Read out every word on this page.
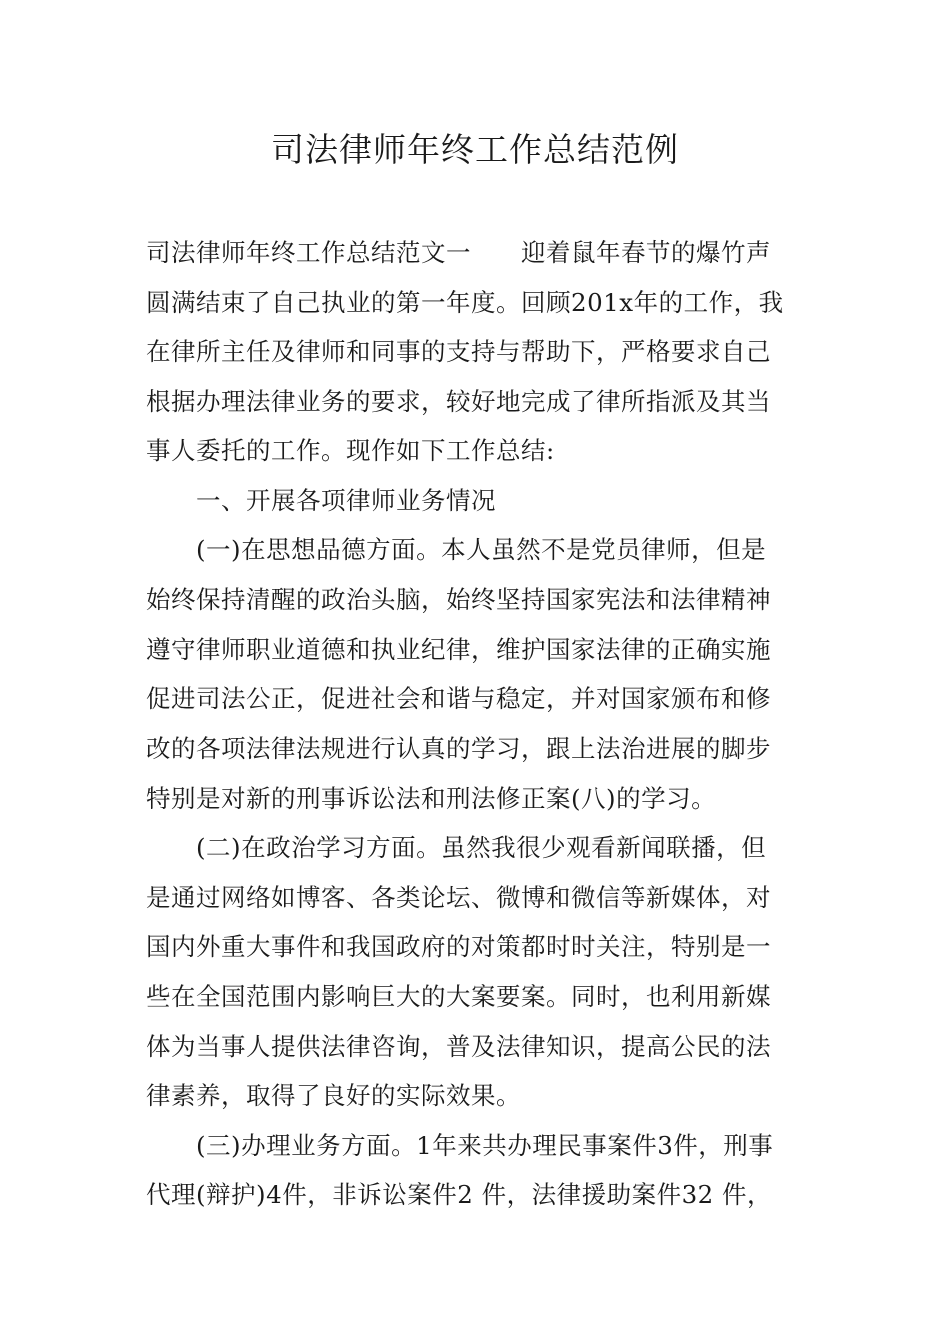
司法律师年终工作总结范例

司法律师年终工作总结范文一　　迎着鼠年春节的爆竹声

圆满结束了自己执业的第一年度。回顾201x年的工作，我

在律所主任及律师和同事的支持与帮助下，严格要求自己

根据办理法律业务的要求，较好地完成了律所指派及其当

事人委托的工作。现作如下工作总结:

一、开展各项律师业务情况

(一)在思想品德方面。本人虽然不是党员律师，但是

始终保持清醒的政治头脑，始终坚持国家宪法和法律精神

遵守律师职业道德和执业纪律，维护国家法律的正确实施

促进司法公正，促进社会和谐与稳定，并对国家颁布和修

改的各项法律法规进行认真的学习，跟上法治进展的脚步

特别是对新的刑事诉讼法和刑法修正案(八)的学习。

(二)在政治学习方面。虽然我很少观看新闻联播，但

是通过网络如博客、各类论坛、微博和微信等新媒体，对

国内外重大事件和我国政府的对策都时时关注，特别是一

些在全国范围内影响巨大的大案要案。同时，也利用新媒

体为当事人提供法律咨询，普及法律知识，提高公民的法

律素养，取得了良好的实际效果。

(三)办理业务方面。1年来共办理民事案件3件，刑事

代理(辩护)4件，非诉讼案件2 件，法律援助案件32 件，
